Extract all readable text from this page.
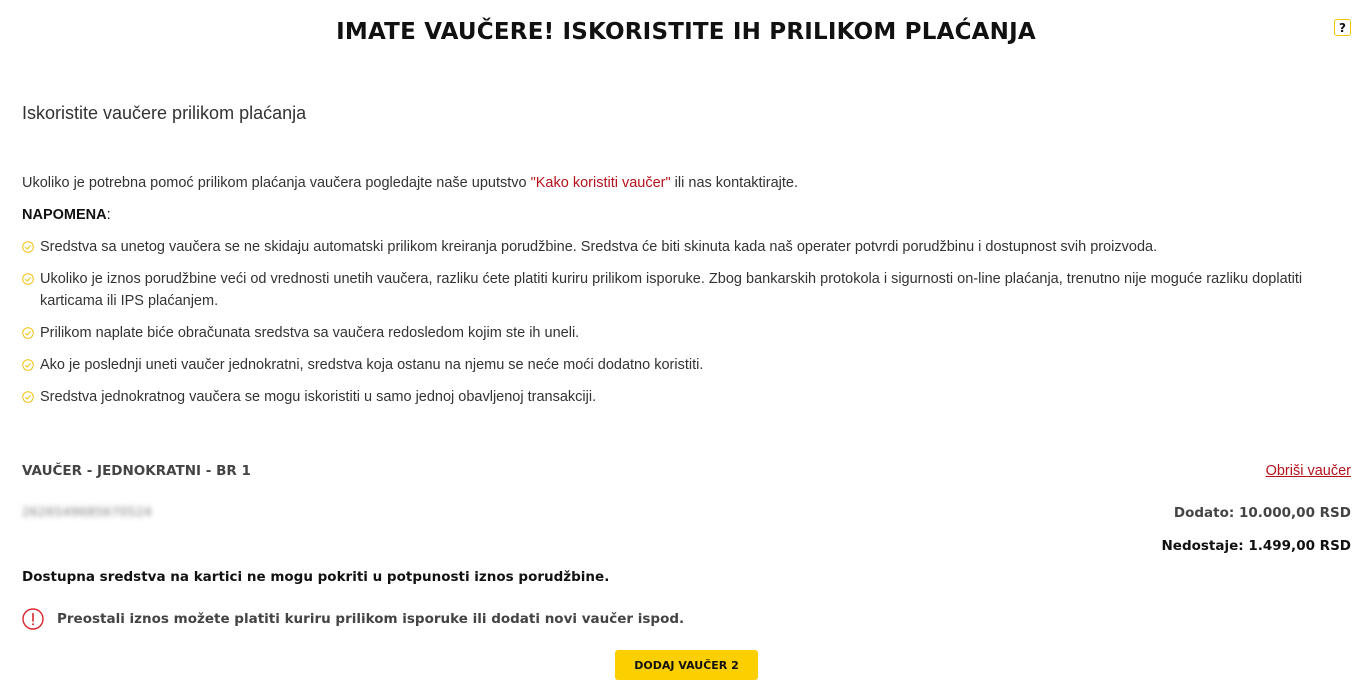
?
IMATE VAUČERE! ISKORISTITE IH PRILIKOM PLAĆANJA
Iskoristite vaučere prilikom plaćanja
Ukoliko je potrebna pomoć prilikom plaćanja vaučera pogledajte naše uputstvo "Kako koristiti vaučer" ili nas kontaktirajte.
NAPOMENA:
Sredstva sa unetog vaučera se ne skidaju automatski prilikom kreiranja porudžbine. Sredstva će biti skinuta kada naš operater potvrdi porudžbinu i dostupnost svih proizvoda.
Ukoliko je iznos porudžbine veći od vrednosti unetih vaučera, razliku ćete platiti kuriru prilikom isporuke. Zbog bankarskih protokola i sigurnosti on-line plaćanja, trenutno nije moguće razliku doplatiti karticama ili IPS plaćanjem.
Prilikom naplate biće obračunata sredstva sa vaučera redosledom kojim ste ih uneli.
Ako je poslednji uneti vaučer jednokratni, sredstva koja ostanu na njemu se neće moći dodatno koristiti.
Sredstva jednokratnog vaučera se mogu iskoristiti u samo jednoj obavljenoj transakciji.
VAUČER - JEDNOKRATNI - BR 1	Obriši vaučer
2626549685670524	Dodato: 10.000,00 RSD
Nedostaje: 1.499,00 RSD
Dostupna sredstva na kartici ne mogu pokriti u potpunosti iznos porudžbine.
Preostali iznos možete platiti kuriru prilikom isporuke ili dodati novi vaučer ispod.
DODAJ VAUČER 2
